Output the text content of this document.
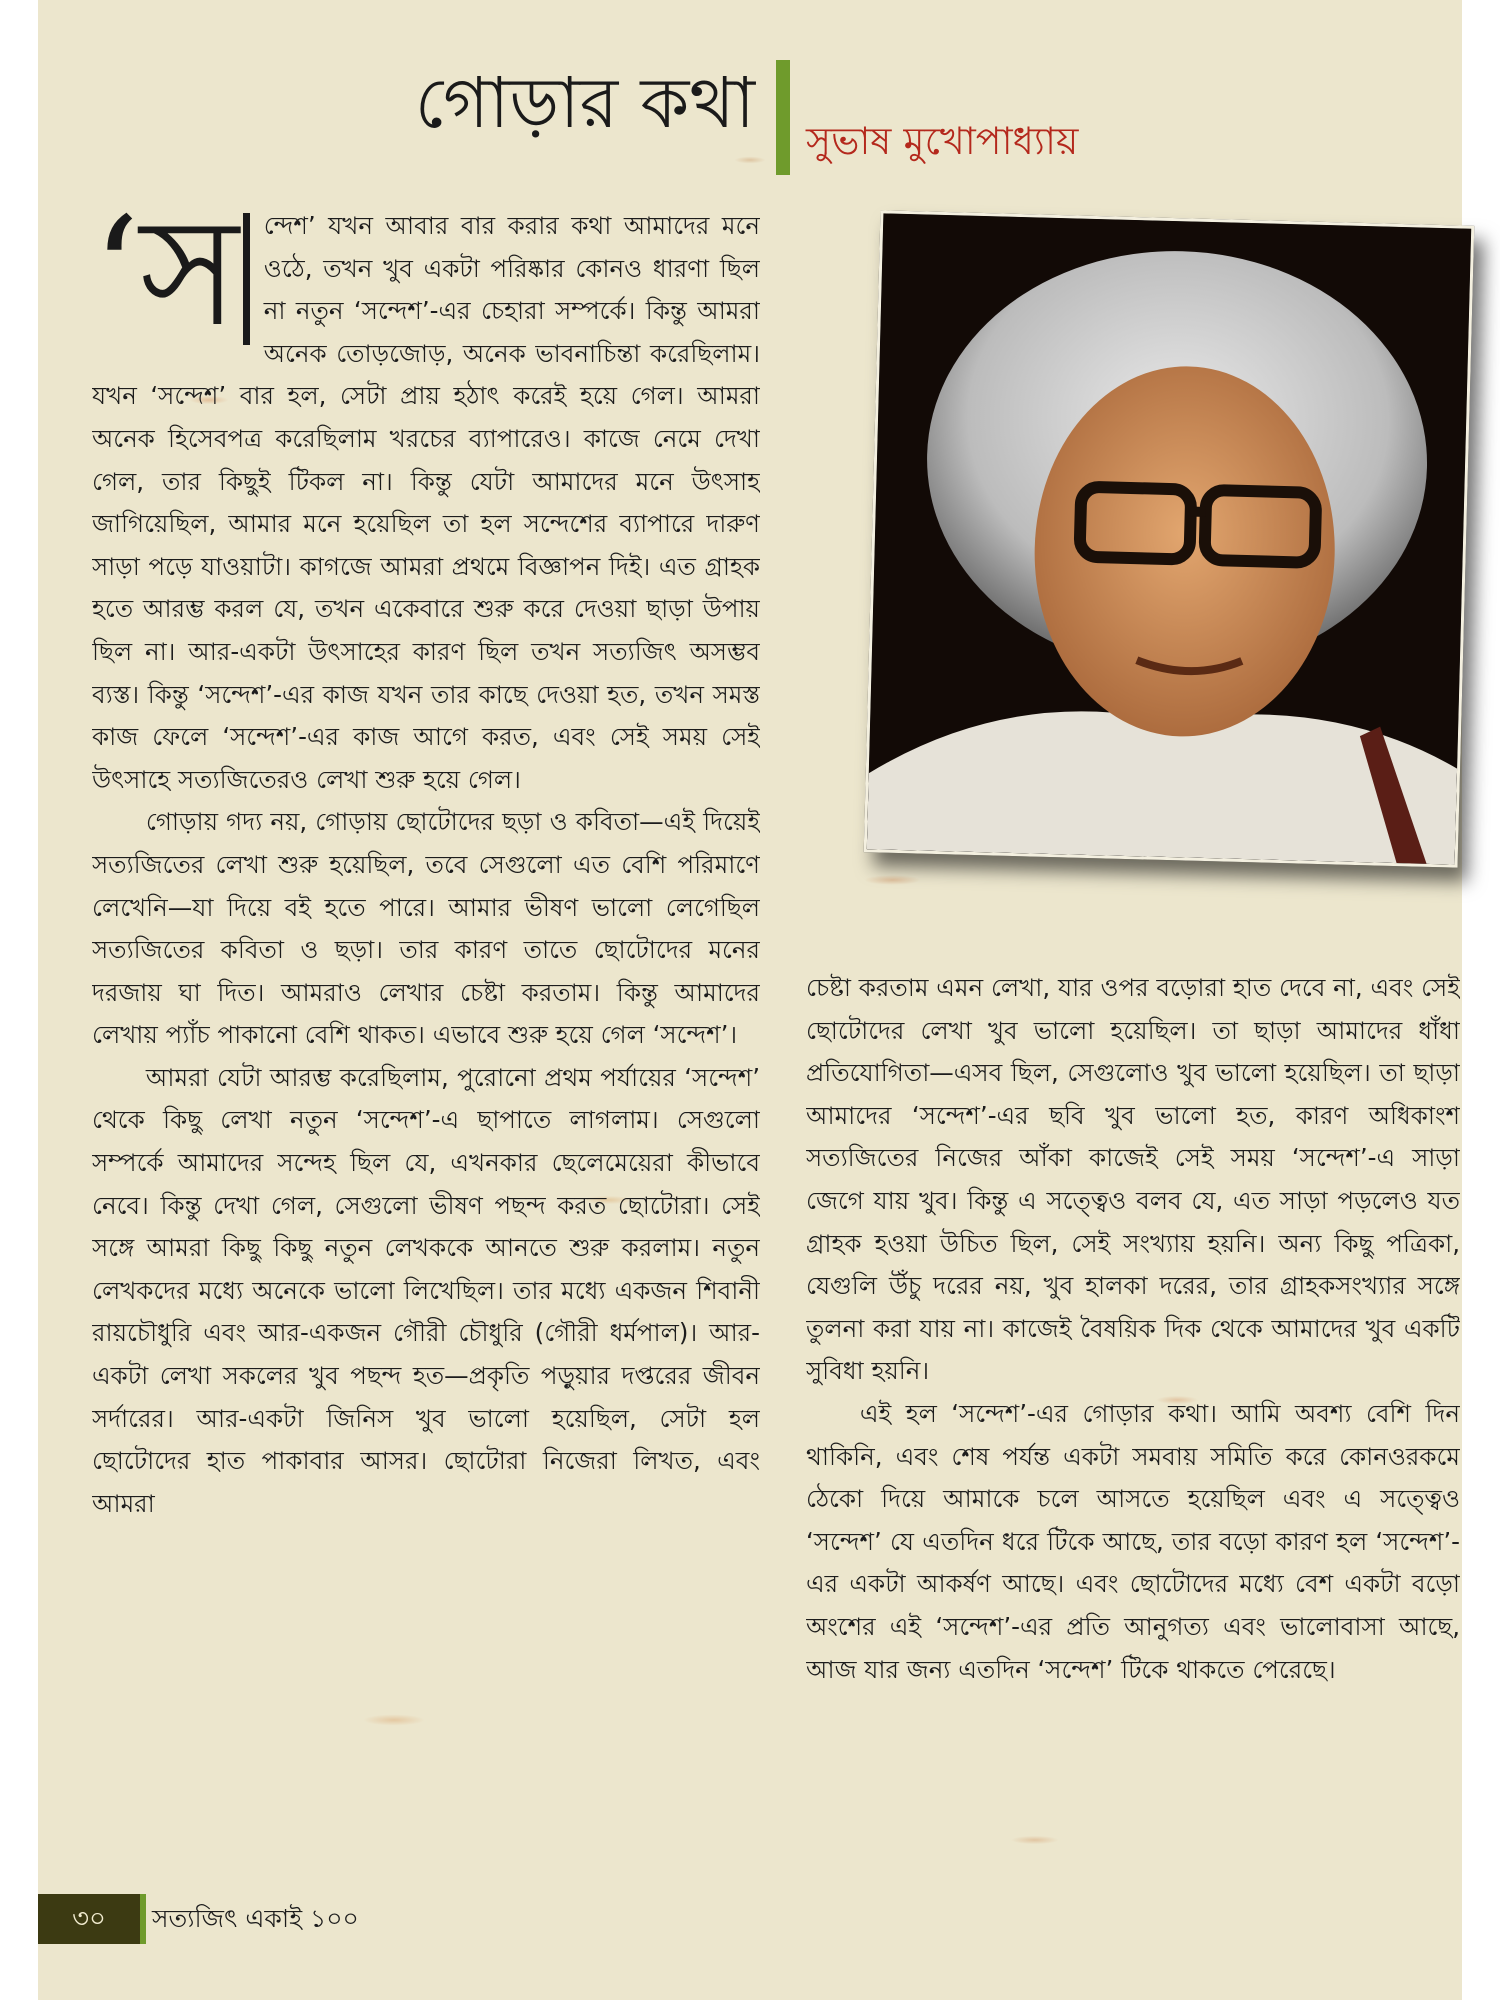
গোড়ার কথা সুভাষ মুখোপাধ্যায়

‘স	ন্দেশ’ যখন আবার বার করার কথা আমাদের মনে ওঠে, তখন খুব একটা পরিষ্কার কোনও ধারণা ছিল না নতুন ‘সন্দেশ’-এর চেহারা সম্পর্কে। কিন্তু আমরা অনেক তোড়জোড়, অনেক ভাবনাচিন্তা করেছিলাম। যখন ‘সন্দেশ’ বার হল, সেটা প্রায় হঠাৎ করেই হয়ে গেল। আমরা অনেক হিসেবপত্র করেছিলাম খরচের ব্যাপারেও। কাজে নেমে দেখা গেল, তার কিছুই টিকল না। কিন্তু যেটা আমাদের মনে উৎসাহ জাগিয়েছিল, আমার মনে হয়েছিল তা হল সন্দেশের ব্যাপারে দারুণ সাড়া পড়ে যাওয়াটা। কাগজে আমরা প্রথমে বিজ্ঞাপন দিই। এত গ্রাহক হতে আরম্ভ করল যে, তখন একেবারে শুরু করে দেওয়া ছাড়া উপায় ছিল না। আর-একটা উৎসাহের কারণ ছিল তখন সত্যজিৎ অসম্ভব ব্যস্ত। কিন্তু ‘সন্দেশ’-এর কাজ যখন তার কাছে দেওয়া হত, তখন সমস্ত কাজ ফেলে ‘সন্দেশ’-এর কাজ আগে করত, এবং সেই সময় সেই উৎসাহে সত্যজিতেরও লেখা শুরু হয়ে গেল।

গোড়ায় গদ্য নয়, গোড়ায় ছোটোদের ছড়া ও কবিতা—এই দিয়েই সত্যজিতের লেখা শুরু হয়েছিল, তবে সেগুলো এত বেশি পরিমাণে লেখেনি—যা দিয়ে বই হতে পারে। আমার ভীষণ ভালো লেগেছিল সত্যজিতের কবিতা ও ছড়া। তার কারণ তাতে ছোটোদের মনের দরজায় ঘা দিত। আমরাও লেখার চেষ্টা করতাম। কিন্তু আমাদের লেখায় প্যাঁচ পাকানো বেশি থাকত। এভাবে শুরু হয়ে গেল ‘সন্দেশ’।

আমরা যেটা আরম্ভ করেছিলাম, পুরোনো প্রথম পর্যায়ের ‘সন্দেশ’ থেকে কিছু লেখা নতুন ‘সন্দেশ’-এ ছাপাতে লাগলাম। সেগুলো সম্পর্কে আমাদের সন্দেহ ছিল যে, এখনকার ছেলেমেয়েরা কীভাবে নেবে। কিন্তু দেখা গেল, সেগুলো ভীষণ পছন্দ করত ছোটোরা। সেই সঙ্গে আমরা কিছু কিছু নতুন লেখককে আনতে শুরু করলাম। নতুন লেখকদের মধ্যে অনেকে ভালো লিখেছিল। তার মধ্যে একজন শিবানী রায়চৌধুরি এবং আর-একজন গৌরী চৌধুরি (গৌরী ধর্মপাল)। আর-একটা লেখা সকলের খুব পছন্দ হত—প্রকৃতি পড়ুয়ার দপ্তরের জীবন সর্দারের। আর-একটা জিনিস খুব ভালো হয়েছিল, সেটা হল ছোটোদের হাত পাকাবার আসর। ছোটোরা নিজেরা লিখত, এবং আমরা

চেষ্টা করতাম এমন লেখা, যার ওপর বড়োরা হাত দেবে না, এবং সেই ছোটোদের লেখা খুব ভালো হয়েছিল। তা ছাড়া আমাদের ধাঁধা প্রতিযোগিতা—এসব ছিল, সেগুলোও খুব ভালো হয়েছিল। তা ছাড়া আমাদের ‘সন্দেশ’-এর ছবি খুব ভালো হত, কারণ অধিকাংশ সত্যজিতের নিজের আঁকা কাজেই সেই সময় ‘সন্দেশ’-এ সাড়া জেগে যায় খুব। কিন্তু এ সত্ত্বেও বলব যে, এত সাড়া পড়লেও যত গ্রাহক হওয়া উচিত ছিল, সেই সংখ্যায় হয়নি। অন্য কিছু পত্রিকা, যেগুলি উঁচু দরের নয়, খুব হালকা দরের, তার গ্রাহকসংখ্যার সঙ্গে তুলনা করা যায় না। কাজেই বৈষয়িক দিক থেকে আমাদের খুব একটি সুবিধা হয়নি।

এই হল ‘সন্দেশ’-এর গোড়ার কথা। আমি অবশ্য বেশি দিন থাকিনি, এবং শেষ পর্যন্ত একটা সমবায় সমিতি করে কোনওরকমে ঠেকো দিয়ে আমাকে চলে আসতে হয়েছিল এবং এ সত্ত্বেও ‘সন্দেশ’ যে এতদিন ধরে টিকে আছে, তার বড়ো কারণ হল ‘সন্দেশ’-এর একটা আকর্ষণ আছে। এবং ছোটোদের মধ্যে বেশ একটা বড়ো অংশের এই ‘সন্দেশ’-এর প্রতি আনুগত্য এবং ভালোবাসা আছে, আজ যার জন্য এতদিন ‘সন্দেশ’ টিকে থাকতে পেরেছে।

৩০	সত্যজিৎ একাই ১০০
